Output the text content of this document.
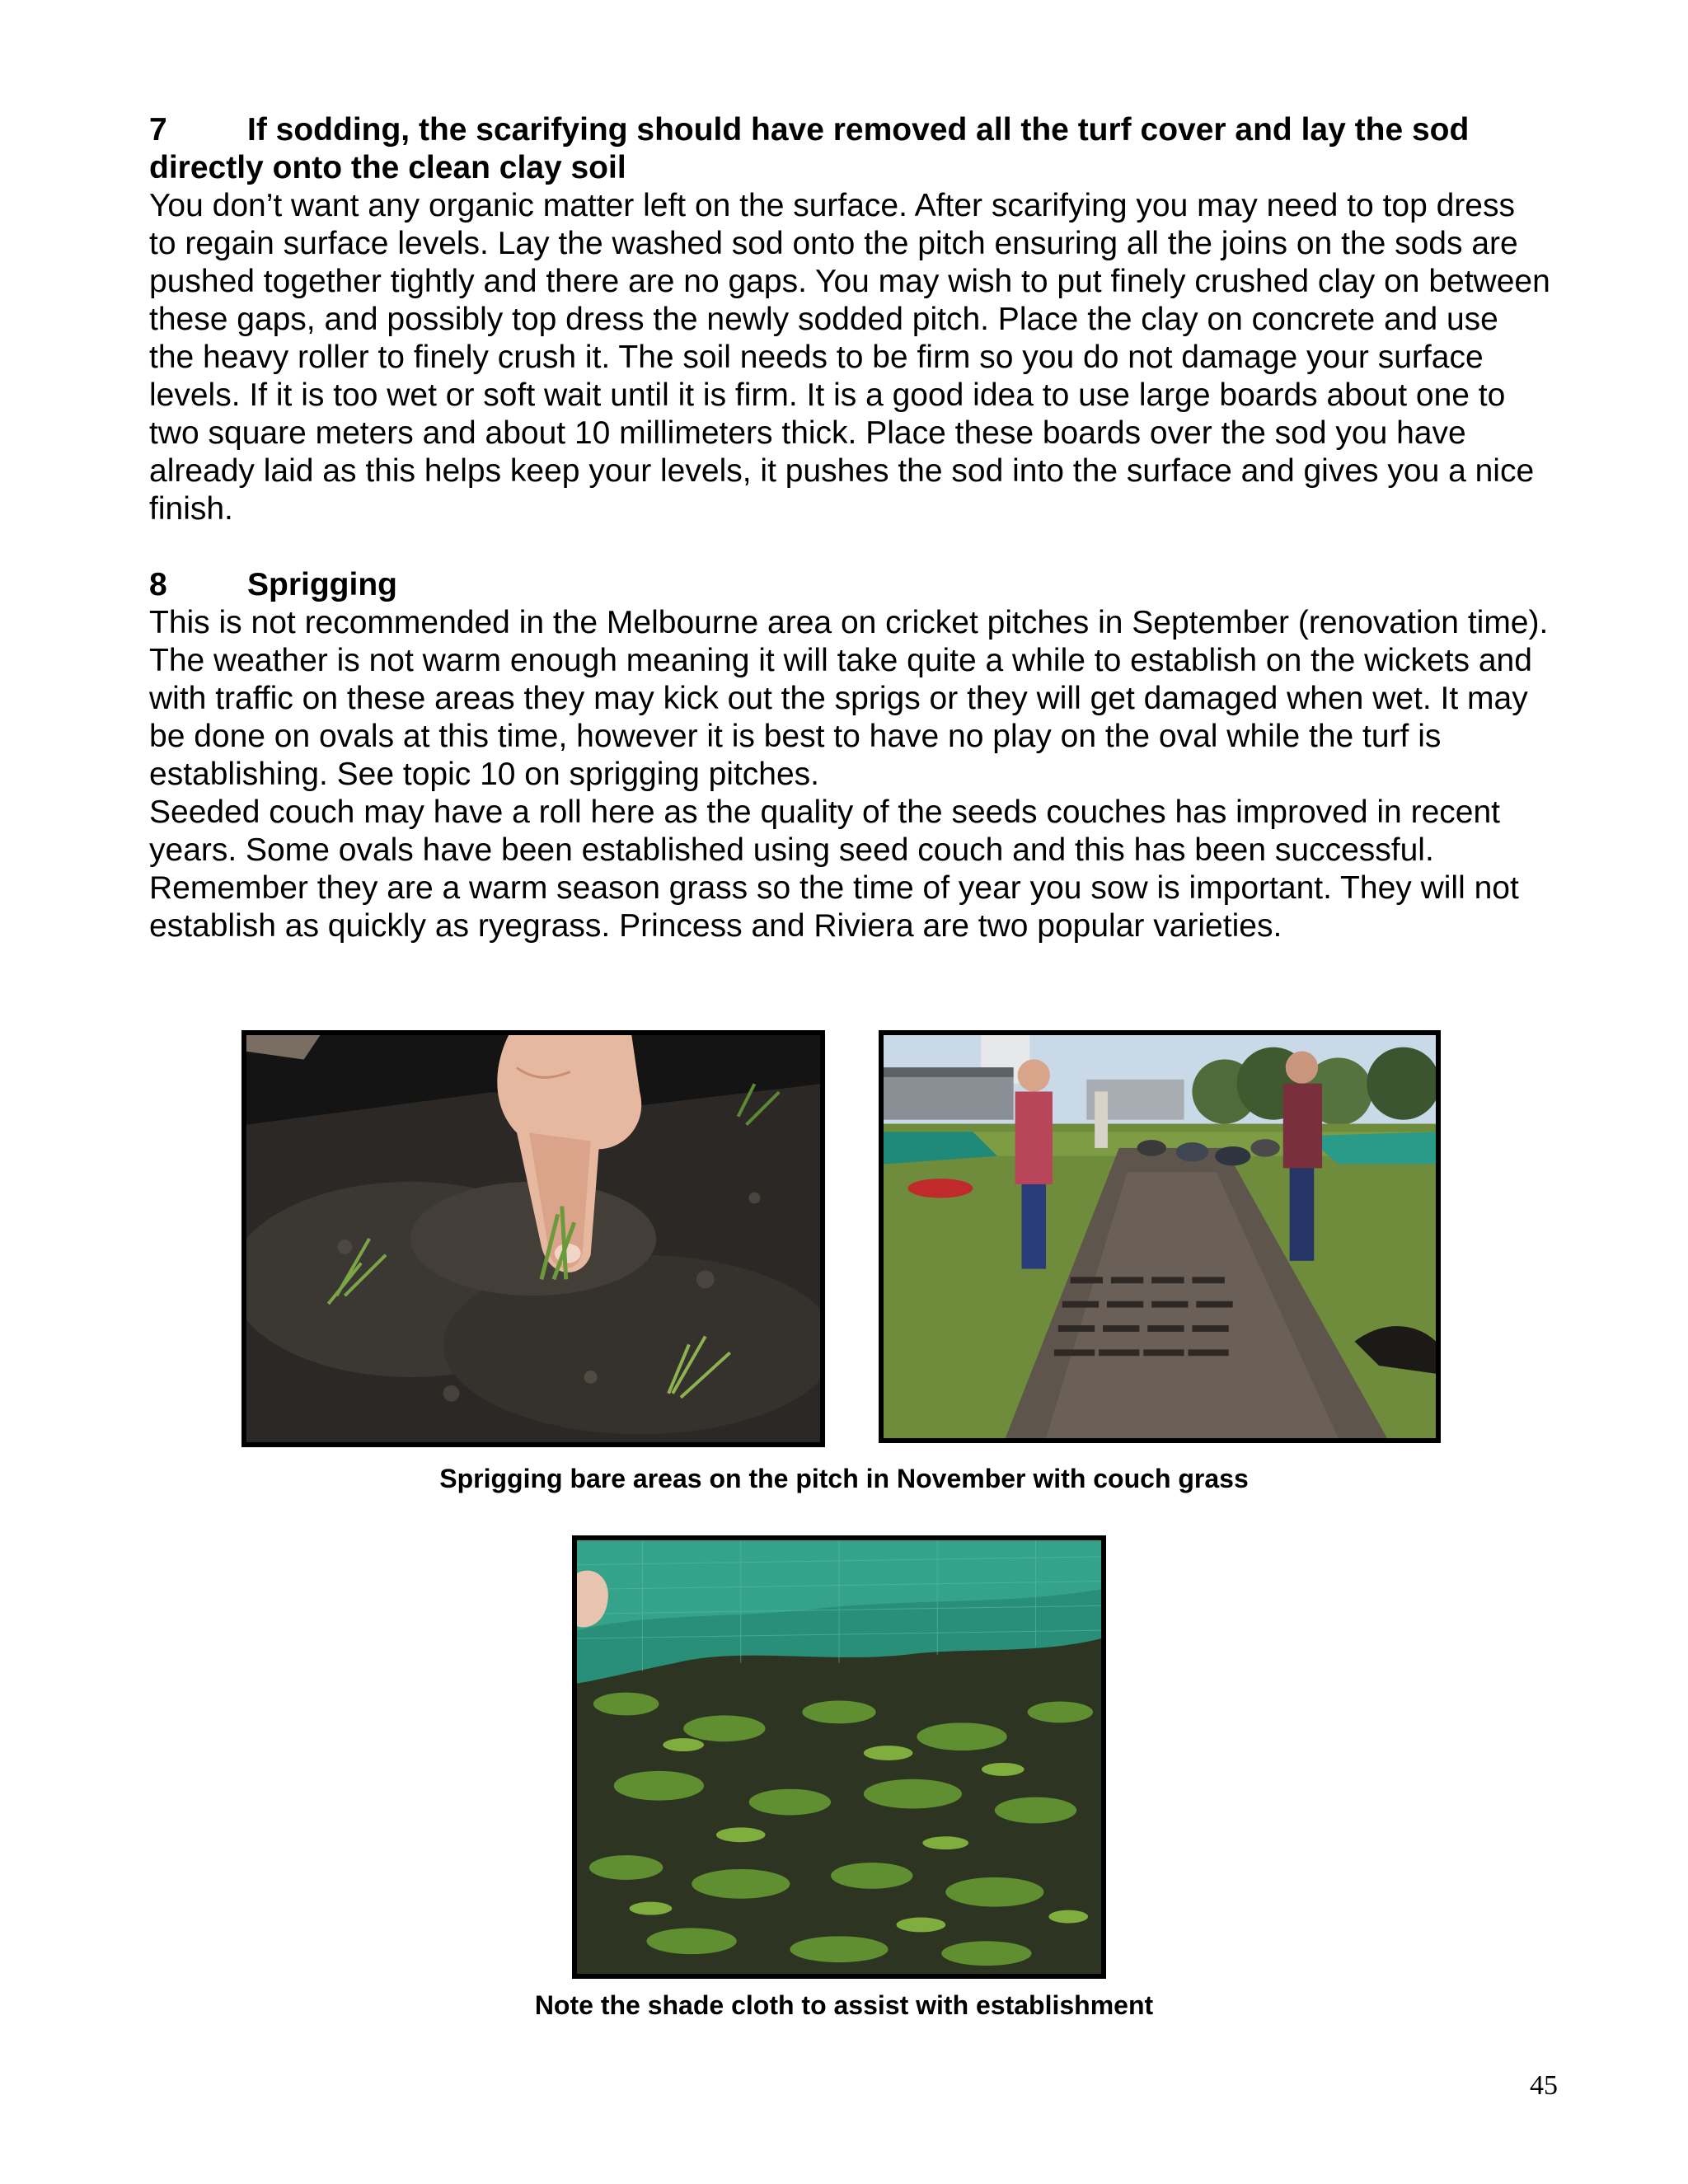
7 If sodding, the scarifying should have removed all the turf cover and lay the sod directly onto the clean clay soil

You don’t want any organic matter left on the surface. After scarifying you may need to top dress to regain surface levels. Lay the washed sod onto the pitch ensuring all the joins on the sods are pushed together tightly and there are no gaps. You may wish to put finely crushed clay on between these gaps, and possibly top dress the newly sodded pitch. Place the clay on concrete and use the heavy roller to finely crush it. The soil needs to be firm so you do not damage your surface levels. If it is too wet or soft wait until it is firm. It is a good idea to use large boards about one to two square meters and about 10 millimeters thick. Place these boards over the sod you have already laid as this helps keep your levels, it pushes the sod into the surface and gives you a nice finish.

8 Sprigging

This is not recommended in the Melbourne area on cricket pitches in September (renovation time). The weather is not warm enough meaning it will take quite a while to establish on the wickets and with traffic on these areas they may kick out the sprigs or they will get damaged when wet. It may be done on ovals at this time, however it is best to have no play on the oval while the turf is establishing. See topic 10 on sprigging pitches.

Seeded couch may have a roll here as the quality of the seeds couches has improved in recent years. Some ovals have been established using seed couch and this has been successful. Remember they are a warm season grass so the time of year you sow is important. They will not establish as quickly as ryegrass. Princess and Riviera are two popular varieties.

Sprigging bare areas on the pitch in November with couch grass

Note the shade cloth to assist with establishment

45
